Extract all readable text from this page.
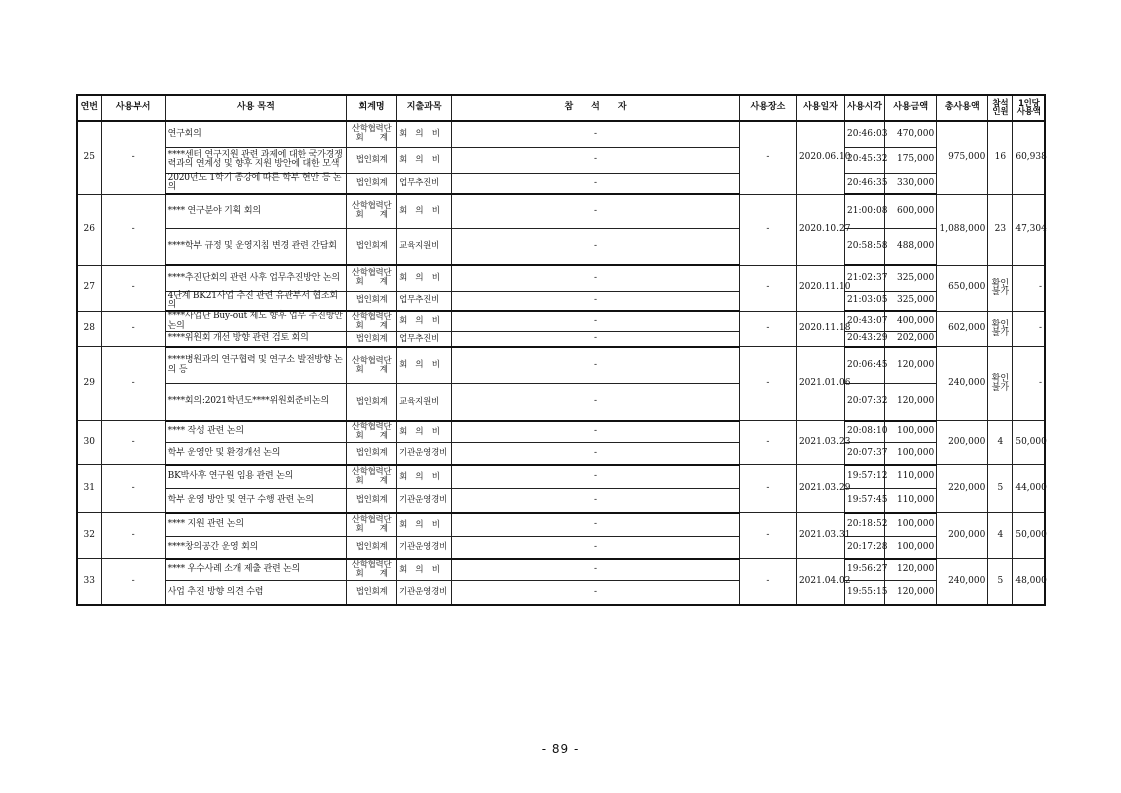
연번	사용부서	사용 목적	회계명	지출과목	참　　석　　자	사용장소	사용일자	사용시각	사용금액	총사용액	참석인원	1인당사용액
25	-	연구회의	산학협력단 회　　계	회　의　비	-	-	2020.06.10	20:46:03	470,000	975,000	16	60,938
		****센터 연구지원 관련 과제에 대한 국가경쟁력과의 연계성 및 향후 지원 방안에 대한 모색	법인회계	회　의　비	-			20:45:32	175,000			
		2020년도 1학기 종강에 따른 학부 현안 등 논의	법인회계	업무추진비	-			20:46:35	330,000			
26	-	**** 연구분야 기획 회의	산학협력단 회　　계	회　의　비	-	-	2020.10.27	21:00:08	600,000	1,088,000	23	47,304
		****학부 규정 및 운영지침 변경 관련 간담회	법인회계	교육지원비	-			20:58:58	488,000			
27	-	****추진단회의 관련 사후 업무추진방안 논의	산학협력단 회　　계	회　의　비	-	-	2020.11.10	21:02:37	325,000	650,000	확인불가	-
		4단계 BK21사업 추진 관련 유관부서 협조회의	법인회계	업무추진비	-			21:03:05	325,000			
28	-	****사업단 Buy-out 제도 향후 업무 추진방안 논의	산학협력단 회　　계	회　의　비	-	-	2020.11.18	20:43:07	400,000	602,000	확인불가	-
		****위원회 개선 방향 관련 검토 회의	법인회계	업무추진비	-			20:43:29	202,000			
29	-	****병원과의 연구협력 및 연구소 발전방향 논의 등	산학협력단 회　　계	회　의　비	-	-	2021.01.06	20:06:45	120,000	240,000	확인불가	-
		****회의:2021학년도****위원회준비논의	법인회계	교육지원비	-			20:07:32	120,000			
30	-	**** 작성 관련 논의	산학협력단 회　　계	회　의　비	-	-	2021.03.23	20:08:10	100,000	200,000	4	50,000
		학부 운영안 및 환경개선 논의	법인회계	기관운영경비	-			20:07:37	100,000			
31	-	BK박사후 연구원 임용 관련 논의	산학협력단 회　　계	회　의　비	-	-	2021.03.29	19:57:12	110,000	220,000	5	44,000
		학부 운영 방안 및 연구 수행 관련 논의	법인회계	기관운영경비	-			19:57:45	110,000			
32	-	**** 지원 관련 논의	산학협력단 회　　계	회　의　비	-	-	2021.03.31	20:18:52	100,000	200,000	4	50,000
		****창의공간 운영 회의	법인회계	기관운영경비	-			20:17:28	100,000			
33	-	**** 우수사례 소개 제출 관련 논의	산학협력단 회　　계	회　의　비	-	-	2021.04.02	19:56:27	120,000	240,000	5	48,000
		사업 추진 방향 의견 수렴	법인회계	기관운영경비	-			19:55:15	120,000			
- 89 -
